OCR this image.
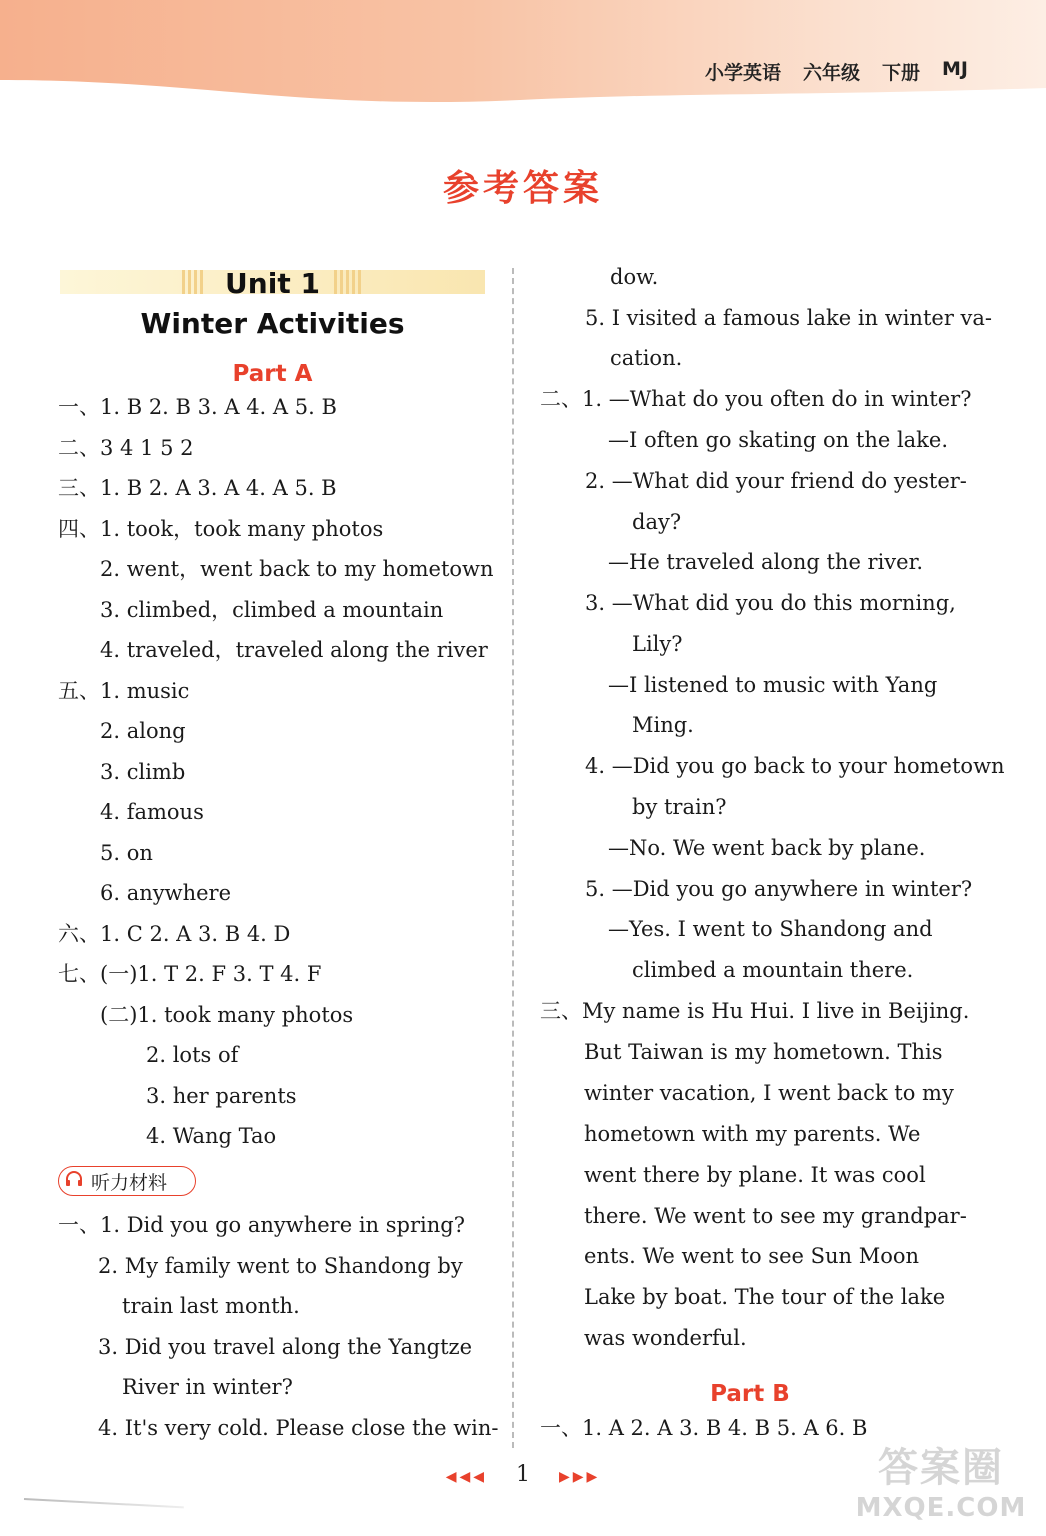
小学英语 六年级 下册 MJ
参考答案
Unit 1
Winter Activities
Part A
一、1. B 2. B 3. A 4. A 5. B
二、3 4 1 5 2
三、1. B 2. A 3. A 4. A 5. B
四、1. took，took many photos
2. went，went back to my hometown
3. climbed，climbed a mountain
4. traveled，traveled along the river
五、1. music
2. along
3. climb
4. famous
5. on
6. anywhere
六、1. C 2. A 3. B 4. D
七、(一)1. T 2. F 3. T 4. F
(二)1. took many photos
2. lots of
3. her parents
4. Wang Tao
听力材料
一、1. Did you go anywhere in spring?
2. My family went to Shandong by
train last month.
3. Did you travel along the Yangtze
River in winter?
4. It's very cold. Please close the win-
dow.
5. I visited a famous lake in winter va-
cation.
二、1. —What do you often do in winter?
—I often go skating on the lake.
2. —What did your friend do yester-
day?
—He traveled along the river.
3. —What did you do this morning,
Lily?
—I listened to music with Yang
Ming.
4. —Did you go back to your hometown
by train?
—No. We went back by plane.
5. —Did you go anywhere in winter?
—Yes. I went to Shandong and
climbed a mountain there.
三、My name is Hu Hui. I live in Beijing.
But Taiwan is my hometown. This
winter vacation, I went back to my
hometown with my parents. We
went there by plane. It was cool
there. We went to see my grandpar-
ents. We went to see Sun Moon
Lake by boat. The tour of the lake
was wonderful.
Part B
一、1. A 2. A 3. B 4. B 5. A 6. B
◀◀◀ 1 ▶▶▶	答案圈
MXQE.COM
